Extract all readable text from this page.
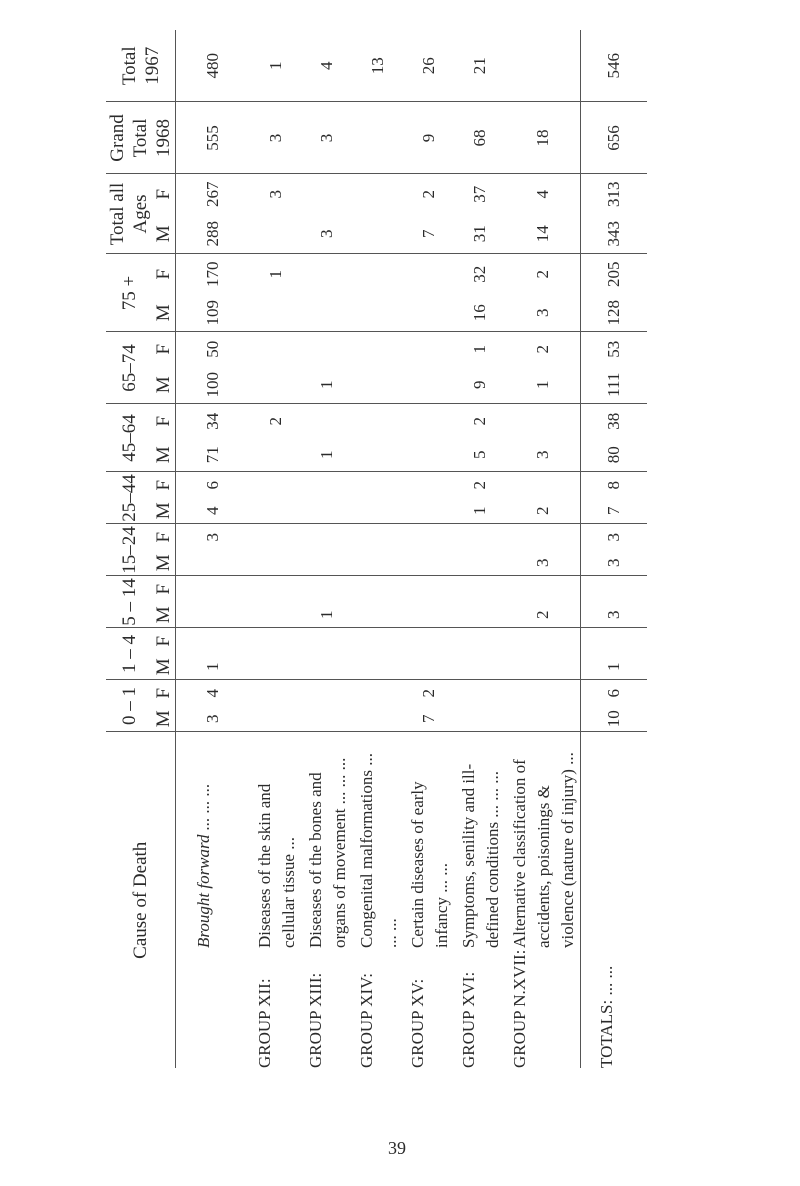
Cause of Death	0 – 1		1 – 4		5 – 14		15–24		25–44		45–64		65–74		75 +		Total all Ages		Grand Total 1968	Total 1967
	M	F	M	F	M	F	M	F	M	F	M	F	M	F	M	F	M	F		
Brought forward ... ... ...	3	4	1					3	4	6	71	34	100	50	109	170	288	267	555	480
GROUP XII:Diseases of the skin and cellular tissue ...												2				1		3	3	1
GROUP XIII:Diseases of the bones and organs of movement ... ... ...					1						1		1				3		3	4
GROUP XIV:Congenital malformations ... ... ...																				13
GROUP XV:Certain diseases of early infancy ... ...	7	2															7	2	9	26
GROUP XVI:Symptoms, senility and ill-defined conditions ... ... ...									1	2	5	2	9	1	16	32	31	37	68	21
GROUP N.XVII:Alternative classification of accidents, poisonings & violence (nature of injury) ...					2		3		2		3		1	2	3	2	14	4	18	
TOTALS: ... ...	10	6	1		3		3	3	7	8	80	38	111	53	128	205	343	313	656	546
39
